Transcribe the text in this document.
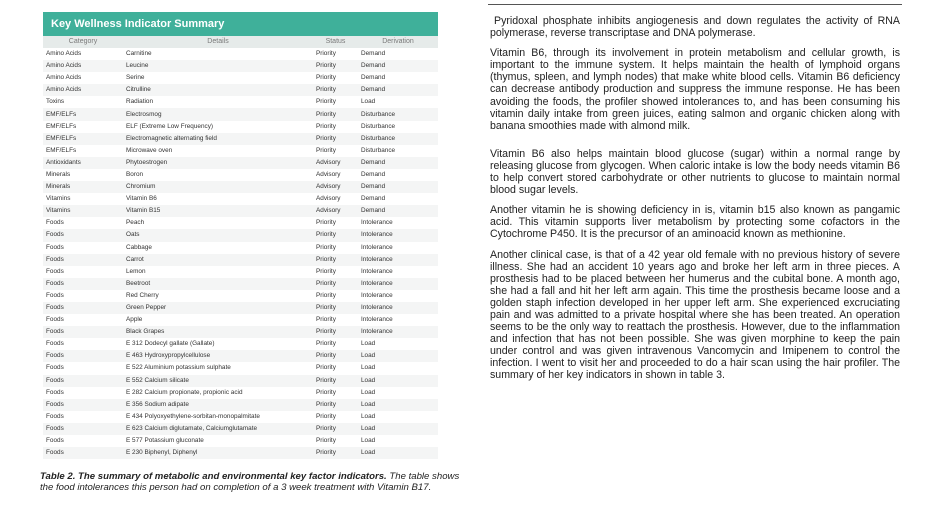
Key Wellness Indicator Summary
Category	Details	Status	Derivation
Amino Acids	Carnitine	Priority	Demand
Amino Acids	Leucine	Priority	Demand
Amino Acids	Serine	Priority	Demand
Amino Acids	Citrulline	Priority	Demand
Toxins	Radiation	Priority	Load
EMF/ELFs	Electrosmog	Priority	Disturbance
EMF/ELFs	ELF (Extreme Low Frequency)	Priority	Disturbance
EMF/ELFs	Electromagnetic alternating field	Priority	Disturbance
EMF/ELFs	Microwave oven	Priority	Disturbance
Antioxidants	Phytoestrogen	Advisory	Demand
Minerals	Boron	Advisory	Demand
Minerals	Chromium	Advisory	Demand
Vitamins	Vitamin B6	Advisory	Demand
Vitamins	Vitamin B15	Advisory	Demand
Foods	Peach	Priority	Intolerance
Foods	Oats	Priority	Intolerance
Foods	Cabbage	Priority	Intolerance
Foods	Carrot	Priority	Intolerance
Foods	Lemon	Priority	Intolerance
Foods	Beetroot	Priority	Intolerance
Foods	Red Cherry	Priority	Intolerance
Foods	Green Pepper	Priority	Intolerance
Foods	Apple	Priority	Intolerance
Foods	Black Grapes	Priority	Intolerance
Foods	E 312 Dodecyl gallate (Gallate)	Priority	Load
Foods	E 463 Hydroxypropylcellulose	Priority	Load
Foods	E 522 Aluminium potassium sulphate	Priority	Load
Foods	E 552 Calcium silicate	Priority	Load
Foods	E 282 Calcium propionate, propionic acid	Priority	Load
Foods	E 356 Sodium adipate	Priority	Load
Foods	E 434 Polyoxyethylene-sorbitan-monopalmitate	Priority	Load
Foods	E 623 Calcium diglutamate, Calciumglutamate	Priority	Load
Foods	E 577 Potassium gluconate	Priority	Load
Foods	E 230 Biphenyl, Diphenyl	Priority	Load
Table 2. The summary of metabolic and environmental key factor indicators. The table shows the food intolerances this person had on completion of a 3 week treatment with Vitamin B17.

Pyridoxal phosphate inhibits angiogenesis and down regulates the activity of RNA polymerase, reverse transcriptase and DNA polymerase.

Vitamin B6, through its involvement in protein metabolism and cellular growth, is important to the immune system. It helps maintain the health of lymphoid organs (thymus, spleen, and lymph nodes) that make white blood cells. Vitamin B6 deficiency can decrease antibody production and suppress the immune response. He has been avoiding the foods, the profiler showed intolerances to, and has been consuming his vitamin daily intake from green juices, eating salmon and organic chicken along with banana smoothies made with almond milk.

Vitamin B6 also helps maintain blood glucose (sugar) within a normal range by releasing glucose from glycogen. When caloric intake is low the body needs vitamin B6 to help convert stored carbohydrate or other nutrients to glucose to maintain normal blood sugar levels.

Another vitamin he is showing deficiency in is, vitamin b15 also known as pangamic acid. This vitamin supports liver metabolism by protecting some cofactors in the Cytochrome P450. It is the precursor of an aminoacid known as methionine.

Another clinical case, is that of a 42 year old female with no previous history of severe illness. She had an accident 10 years ago and broke her left arm in three pieces. A prosthesis had to be placed between her humerus and the cubital bone. A month ago, she had a fall and hit her left arm again. This time the prosthesis became loose and a golden staph infection developed in her upper left arm. She experienced excruciating pain and was admitted to a private hospital where she has been treated. An operation seems to be the only way to reattach the prosthesis. However, due to the inflammation and infection that has not been possible. She was given morphine to keep the pain under control and was given intravenous Vancomycin and Imipenem to control the infection. I went to visit her and proceeded to do a hair scan using the hair profiler. The summary of her key indicators in shown in table 3.
